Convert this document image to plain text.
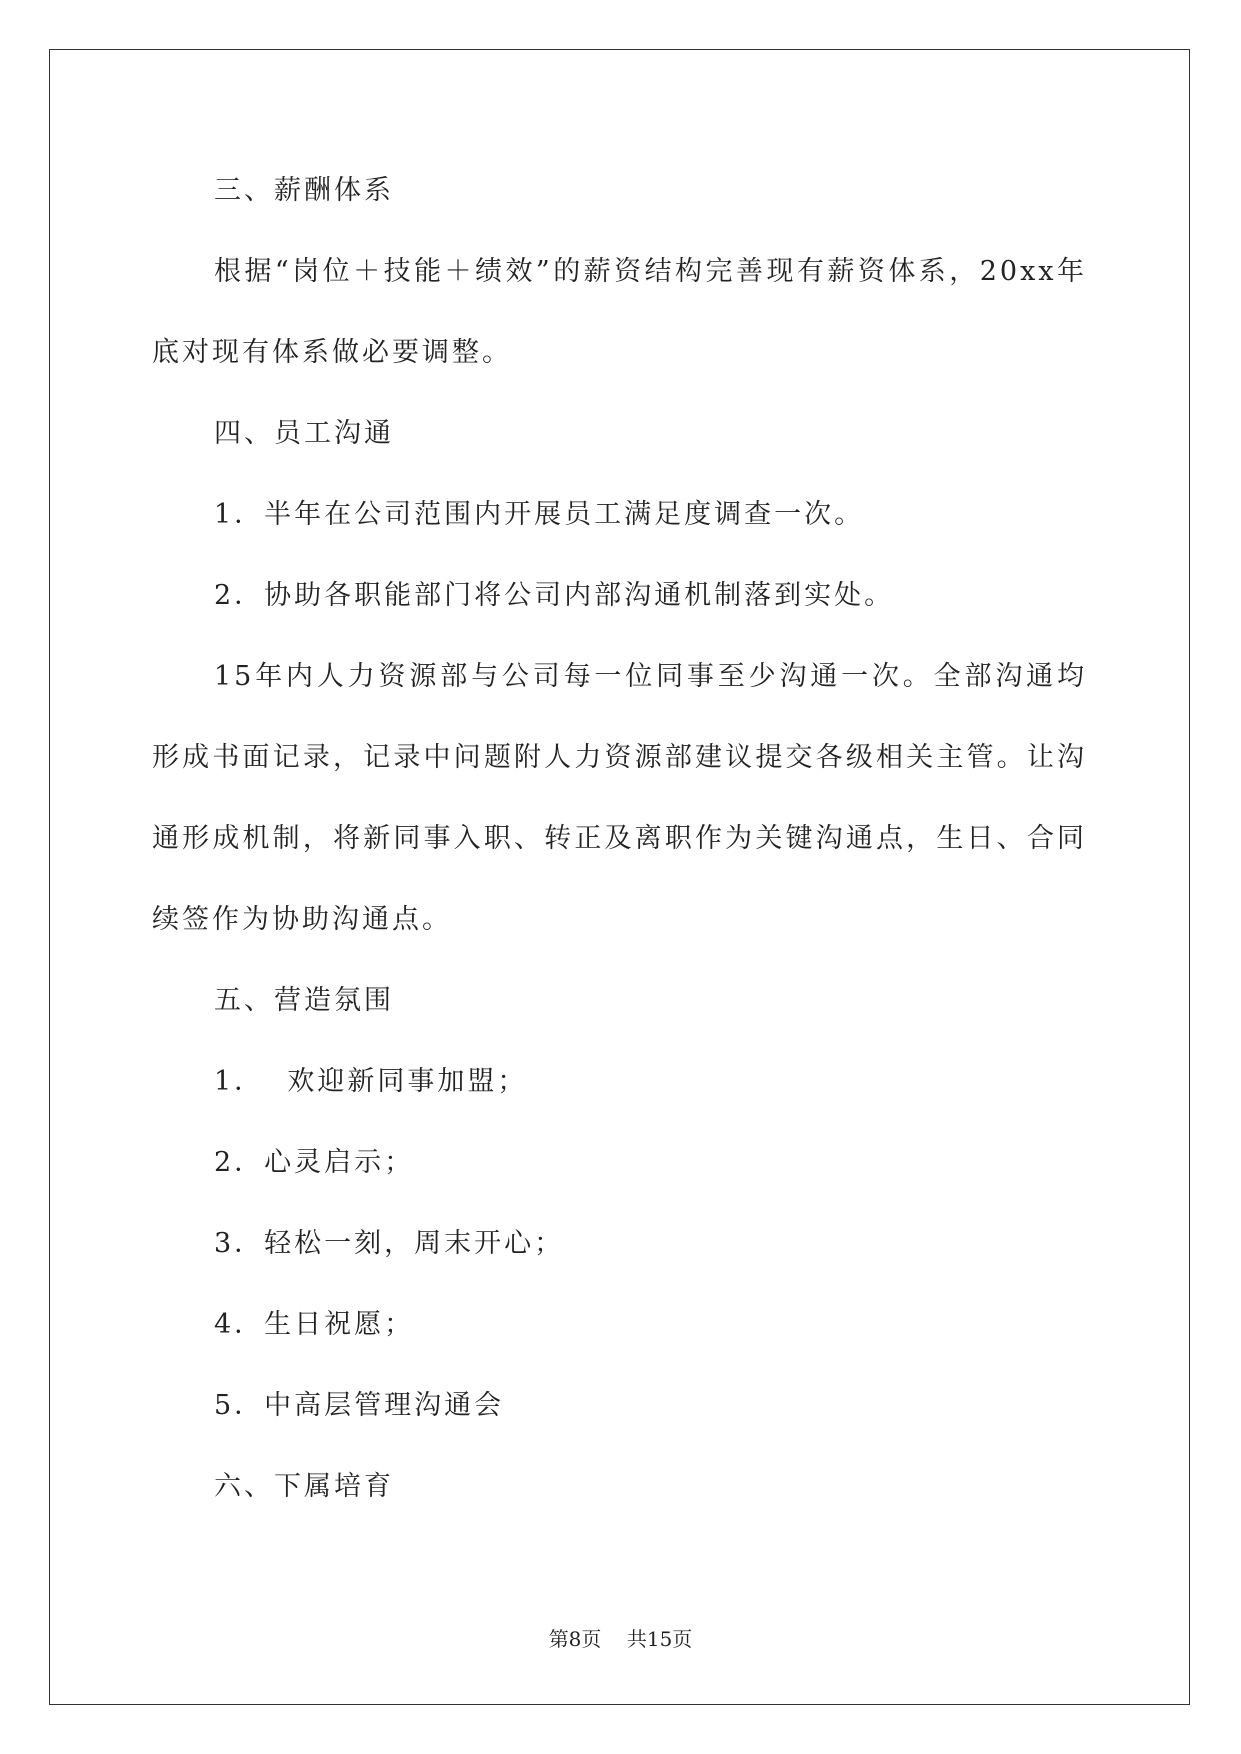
三、薪酬体系

根据“岗位＋技能＋绩效”的薪资结构完善现有薪资体系，20xx年底对现有体系做必要调整。

四、员工沟通

1．半年在公司范围内开展员工满足度调查一次。

2．协助各职能部门将公司内部沟通机制落到实处。

15年内人力资源部与公司每一位同事至少沟通一次。全部沟通均形成书面记录，记录中问题附人力资源部建议提交各级相关主管。让沟通形成机制，将新同事入职、转正及离职作为关键沟通点，生日、合同续签作为协助沟通点。

五、营造氛围

1．  欢迎新同事加盟；

2．心灵启示；

3．轻松一刻，周末开心；

4．生日祝愿；

5．中高层管理沟通会

六、下属培育

第8页    共15页
